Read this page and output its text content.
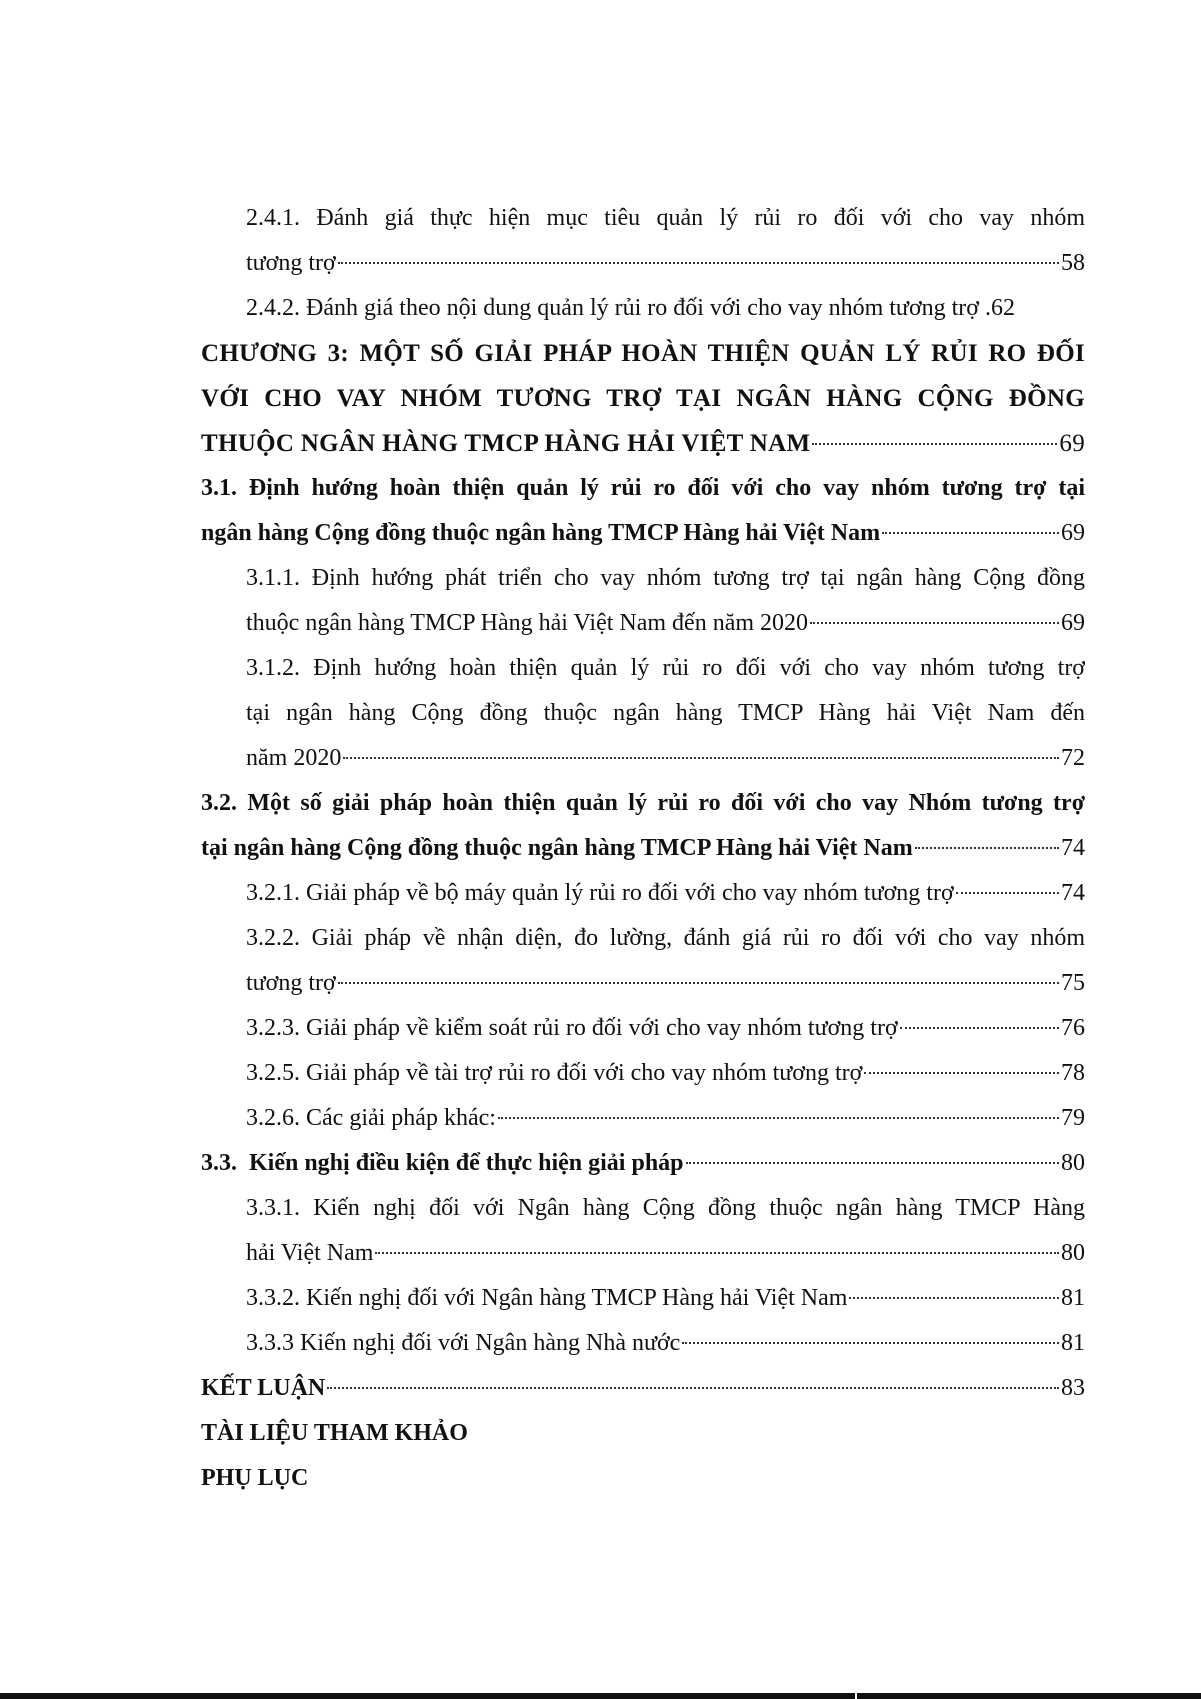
2.4.1. Đánh giá thực hiện mục tiêu quản lý rủi ro đối với cho vay nhóm
tương trợ	58
2.4.2. Đánh giá theo nội dung quản lý rủi ro đối với cho vay nhóm tương trợ .62
CHƯƠNG 3: MỘT SỐ GIẢI PHÁP HOÀN THIỆN QUẢN LÝ RỦI RO ĐỐI
VỚI CHO VAY NHÓM TƯƠNG TRỢ TẠI NGÂN HÀNG CỘNG ĐỒNG
THUỘC NGÂN HÀNG TMCP HÀNG HẢI VIỆT NAM	69
3.1. Định hướng hoàn thiện quản lý rủi ro đối với cho vay nhóm tương trợ tại
ngân hàng Cộng đồng thuộc ngân hàng TMCP Hàng hải Việt Nam	69
3.1.1. Định hướng phát triển cho vay nhóm tương trợ tại ngân hàng Cộng đồng
thuộc ngân hàng TMCP Hàng hải Việt Nam đến năm 2020	69
3.1.2. Định hướng hoàn thiện quản lý rủi ro đối với cho vay nhóm tương trợ
tại ngân hàng Cộng đồng thuộc ngân hàng TMCP Hàng hải Việt Nam đến
năm 2020	72
3.2. Một số giải pháp hoàn thiện quản lý rủi ro đối với cho vay Nhóm tương trợ
tại ngân hàng Cộng đồng thuộc ngân hàng TMCP Hàng hải Việt Nam	74
3.2.1. Giải pháp về bộ máy quản lý rủi ro đối với cho vay nhóm tương trợ	74
3.2.2. Giải pháp về nhận diện, đo lường, đánh giá rủi ro đối với cho vay nhóm
tương trợ	75
3.2.3. Giải pháp về kiểm soát rủi ro đối với cho vay nhóm tương trợ	76
3.2.5. Giải pháp về tài trợ rủi ro đối với cho vay nhóm tương trợ	78
3.2.6. Các giải pháp khác:	79
3.3.  Kiến nghị điều kiện để thực hiện giải pháp	80
3.3.1. Kiến nghị đối với Ngân hàng Cộng đồng thuộc ngân hàng TMCP Hàng
hải Việt Nam	80
3.3.2. Kiến nghị đối với Ngân hàng TMCP Hàng hải Việt Nam	81
3.3.3 Kiến nghị đối với Ngân hàng Nhà nước	81
KẾT LUẬN	83
TÀI LIỆU THAM KHẢO
PHỤ LỤC
